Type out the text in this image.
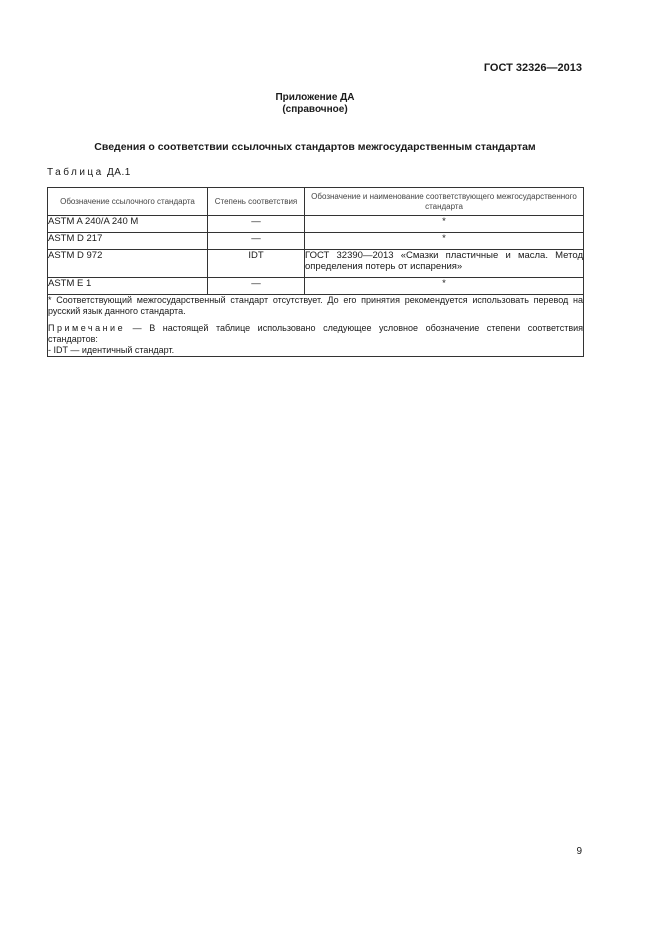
ГОСТ 32326—2013
Приложение ДА
(справочное)
Сведения о соответствии ссылочных стандартов межгосударственным стандартам
Таблица ДА.1
Обозначение ссылочного стандарта	Степень соответствия	Обозначение и наименование соответствующего межгосударственного стандарта
ASTM A 240/A 240 M	—	*
ASTM D 217	—	*
ASTM D 972	IDT	ГОСТ 32390—2013 «Смазки пластичные и масла. Метод определения потерь от испарения»
ASTM E 1	—	*

* Соответствующий межгосударственный стандарт отсутствует. До его принятия рекомендуется использовать перевод на русский язык данного стандарта.

Примечание — В настоящей таблице использовано следующее условное обозначение степени соответствия стандартов:

- IDT — идентичный стандарт.		

9
